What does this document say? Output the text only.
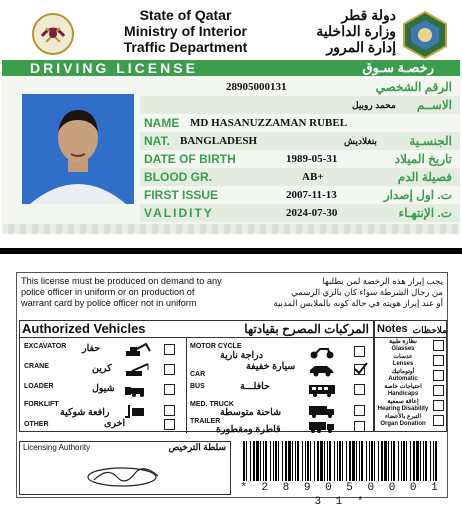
State of Qatar
Ministry of Interior
Traffic Department
دولة قطر
وزارة الداخلية
إدارة المرور
DRIVING LICENSE	رخصـة سـوق
28905000131	الرقم الشخصي
محمد روبيل الاســم
NAME MD HASANUZZAMAN RUBEL
NAT. BANGLADESH	بنغلاديش	الجنسـية
DATE OF BIRTH	1989-05-31	تاريخ الميلاد
BLOOD GR.	AB+	فصيلة الدم
FIRST ISSUE	2007-11-13	ت. اول إصدار
VALIDITY	2024-07-30	ت. الإنتهـاء
This license must be produced on demand to any
police officer in uniform or on production of
warrant card by police officer not in uniform
يجب إبراز هذه الرخصة لمن يطلبها
من رجال الشرطة سواء كان بالزي الرسمي
أو عند إبراز هويته في حالة كونه بالملابس المدنية
Authorized Vehicles	المركبات المصرح بقيادتها
EXCAVATOR حفار
CRANE	كرين
LOADER	شيول
FORKLIFT
رافعة شوكية
OTHER	اخرى
MOTOR CYCLE
دراجة نارية
CAR
سيارة خفيفة
BUS	حافلـــة
MED. TRUCK
شاحنة متوسطة
TRAILER
قاطرة ومقطورة
Notes ملاحظات
نظارة طبية
Glasses
عدسات
Lenses
أوتوماتيك
Automatic
احتياجات خاصة
Handicaps
إعاقة سمعية
Hearing Disability
التبرع بالأعضاء
Organ Donation
Licensing Authority	سلطة الترخيص
* 2 8 9 0 5 0 0 0 1 3 1 *
